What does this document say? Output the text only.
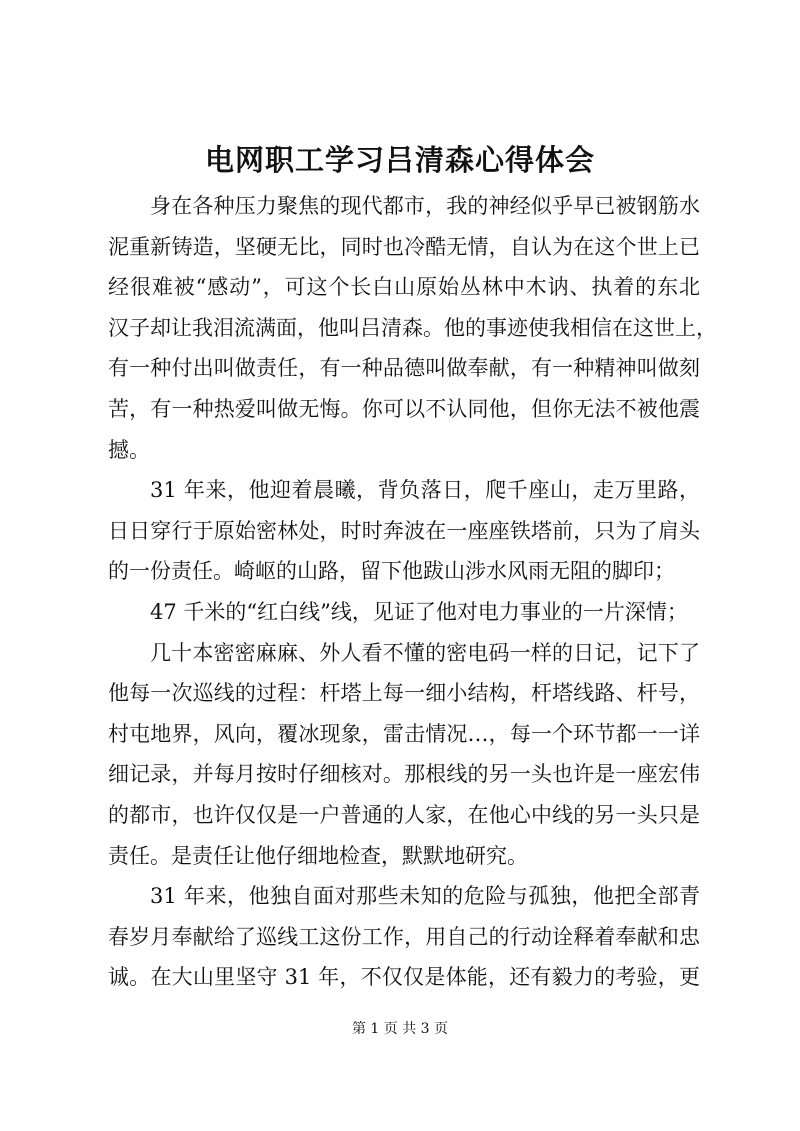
电网职工学习吕清森心得体会
身在各种压力聚焦的现代都市，我的神经似乎早已被钢筋水
泥重新铸造，坚硬无比，同时也冷酷无情，自认为在这个世上已
经很难被“感动”，可这个长白山原始丛林中木讷、执着的东北
汉子却让我泪流满面，他叫吕清森。他的事迹使我相信在这世上，
有一种付出叫做责任，有一种品德叫做奉献，有一种精神叫做刻
苦，有一种热爱叫做无悔。你可以不认同他，但你无法不被他震
撼。
31 年来，他迎着晨曦，背负落日，爬千座山，走万里路，
日日穿行于原始密林处，时时奔波在一座座铁塔前，只为了肩头
的一份责任。崎岖的山路，留下他跋山涉水风雨无阻的脚印；
47 千米的“红白线”线，见证了他对电力事业的一片深情；
几十本密密麻麻、外人看不懂的密电码一样的日记，记下了
他每一次巡线的过程：杆塔上每一细小结构，杆塔线路、杆号，
村屯地界，风向，覆冰现象，雷击情况…，每一个环节都一一详
细记录，并每月按时仔细核对。那根线的另一头也许是一座宏伟
的都市，也许仅仅是一户普通的人家，在他心中线的另一头只是
责任。是责任让他仔细地检查，默默地研究。
31 年来，他独自面对那些未知的危险与孤独，他把全部青
春岁月奉献给了巡线工这份工作，用自己的行动诠释着奉献和忠
诚。在大山里坚守 31 年，不仅仅是体能，还有毅力的考验，更
第 1 页 共 3 页
